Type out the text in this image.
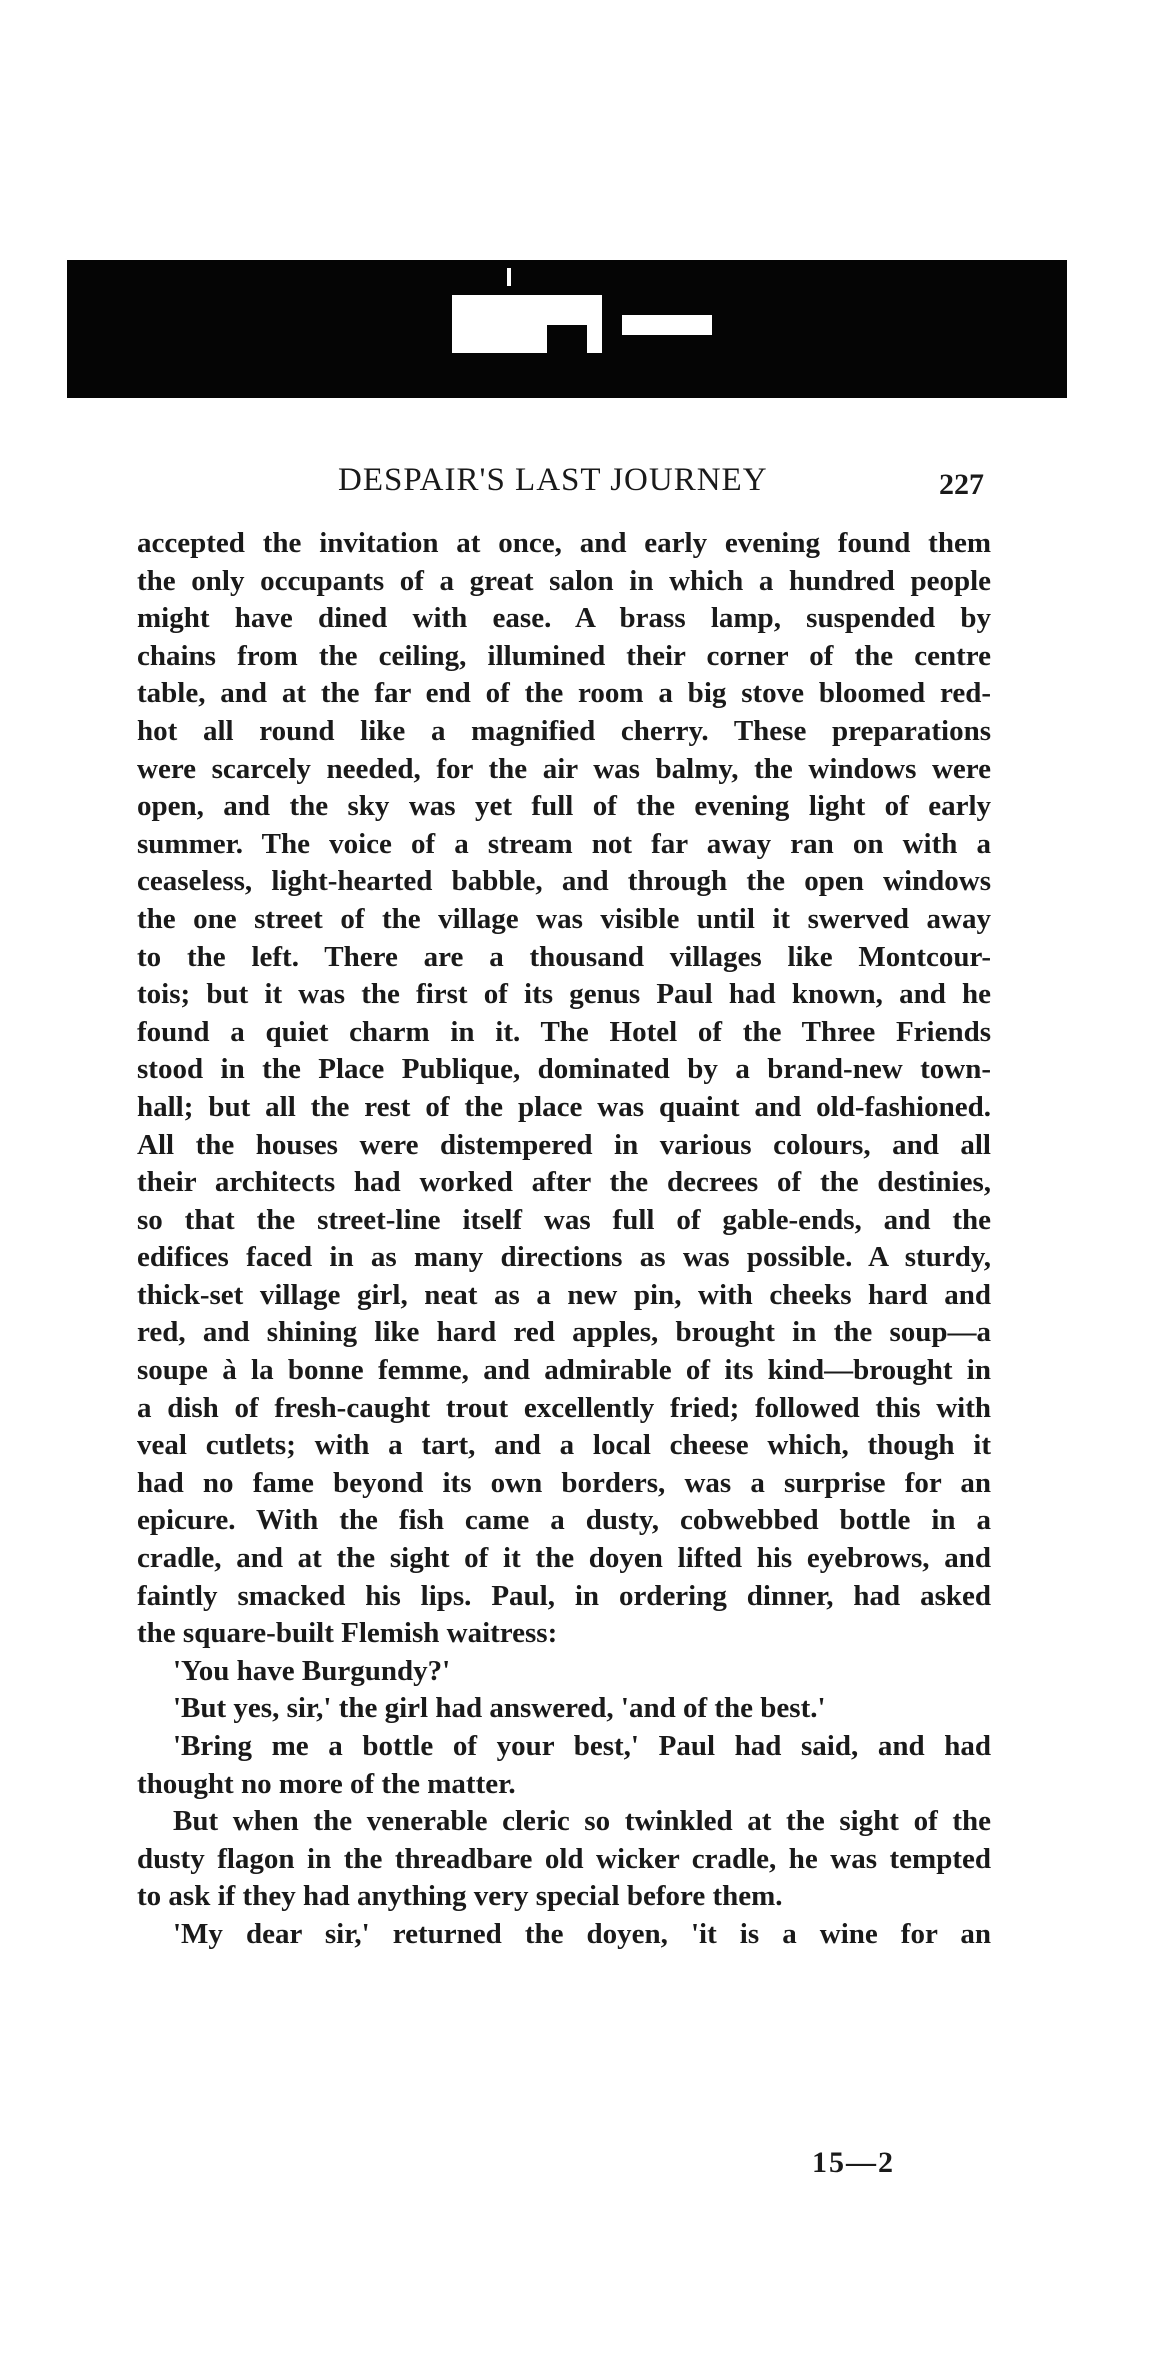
DESPAIR'S LAST JOURNEY	227
accepted the invitation at once, and early evening found them
the only occupants of a great salon in which a hundred people
might have dined with ease. A brass lamp, suspended by
chains from the ceiling, illumined their corner of the centre
table, and at the far end of the room a big stove bloomed red-
hot all round like a magnified cherry. These preparations
were scarcely needed, for the air was balmy, the windows were
open, and the sky was yet full of the evening light of early
summer. The voice of a stream not far away ran on with a
ceaseless, light-hearted babble, and through the open windows
the one street of the village was visible until it swerved away
to the left. There are a thousand villages like Montcour-
tois; but it was the first of its genus Paul had known, and he
found a quiet charm in it. The Hotel of the Three Friends
stood in the Place Publique, dominated by a brand-new town-
hall; but all the rest of the place was quaint and old-fashioned.
All the houses were distempered in various colours, and all
their architects had worked after the decrees of the destinies,
so that the street-line itself was full of gable-ends, and the
edifices faced in as many directions as was possible. A sturdy,
thick-set village girl, neat as a new pin, with cheeks hard and
red, and shining like hard red apples, brought in the soup—a
soupe à la bonne femme, and admirable of its kind—brought in
a dish of fresh-caught trout excellently fried; followed this with
veal cutlets; with a tart, and a local cheese which, though it
had no fame beyond its own borders, was a surprise for an
epicure. With the fish came a dusty, cobwebbed bottle in a
cradle, and at the sight of it the doyen lifted his eyebrows, and
faintly smacked his lips. Paul, in ordering dinner, had asked
the square-built Flemish waitress:
'You have Burgundy?'
'But yes, sir,' the girl had answered, 'and of the best.'
'Bring me a bottle of your best,' Paul had said, and had
thought no more of the matter.
But when the venerable cleric so twinkled at the sight of the
dusty flagon in the threadbare old wicker cradle, he was tempted
to ask if they had anything very special before them.
'My dear sir,' returned the doyen, 'it is a wine for an
15—2
